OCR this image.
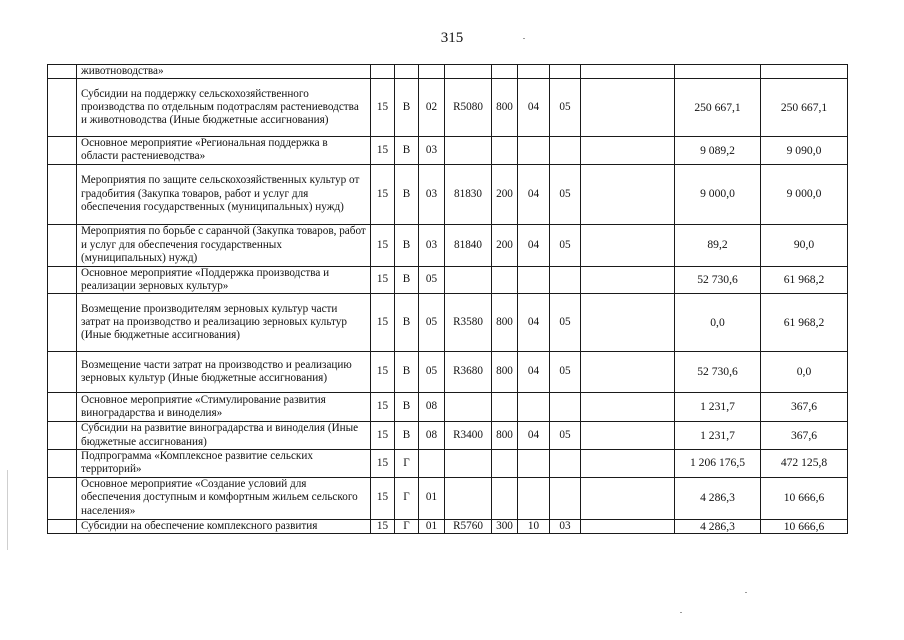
315
	животноводства»											
	Субсидии на поддержку сельскохозяйственного производства по отдельным подотраслям растениеводства и животноводства (Иные бюджетные ассигнования)	15	В	02	R5080	800	04	05		250 667,1	250 667,1	
	Основное мероприятие «Региональная поддержка в области растениеводства»	15	В	03						9 089,2	9 090,0	
	Мероприятия по защите сельскохозяйственных культур от градобития (Закупка товаров, работ и услуг для обеспечения государственных (муниципальных) нужд)	15	В	03	81830	200	04	05		9 000,0	9 000,0	
	Мероприятия по борьбе с саранчой (Закупка товаров, работ и услуг для обеспечения государственных (муниципальных) нужд)	15	В	03	81840	200	04	05		89,2	90,0	
	Основное мероприятие «Поддержка производства и реализации зерновых культур»	15	В	05						52 730,6	61 968,2	
	Возмещение производителям зерновых культур части затрат на производство и реализацию зерновых культур (Иные бюджетные ассигнования)	15	В	05	R3580	800	04	05		0,0	61 968,2	
	Возмещение части затрат на производство и реализацию зерновых культур (Иные бюджетные ассигнования)	15	В	05	R3680	800	04	05		52 730,6	0,0	
	Основное мероприятие «Стимулирование развития виноградарства и виноделия»	15	В	08						1 231,7	367,6	
	Субсидии на развитие виноградарства и виноделия (Иные бюджетные ассигнования)	15	В	08	R3400	800	04	05		1 231,7	367,6	
	Подпрограмма «Комплексное развитие сельских территорий»	15	Г							1 206 176,5	472 125,8	
	Основное мероприятие «Создание условий для обеспечения доступным и комфортным жильем сельского населения»	15	Г	01						4 286,3	10 666,6	
	Субсидии на обеспечение комплексного развития	15	Г	01	R5760	300	10	03		4 286,3	10 666,6	
